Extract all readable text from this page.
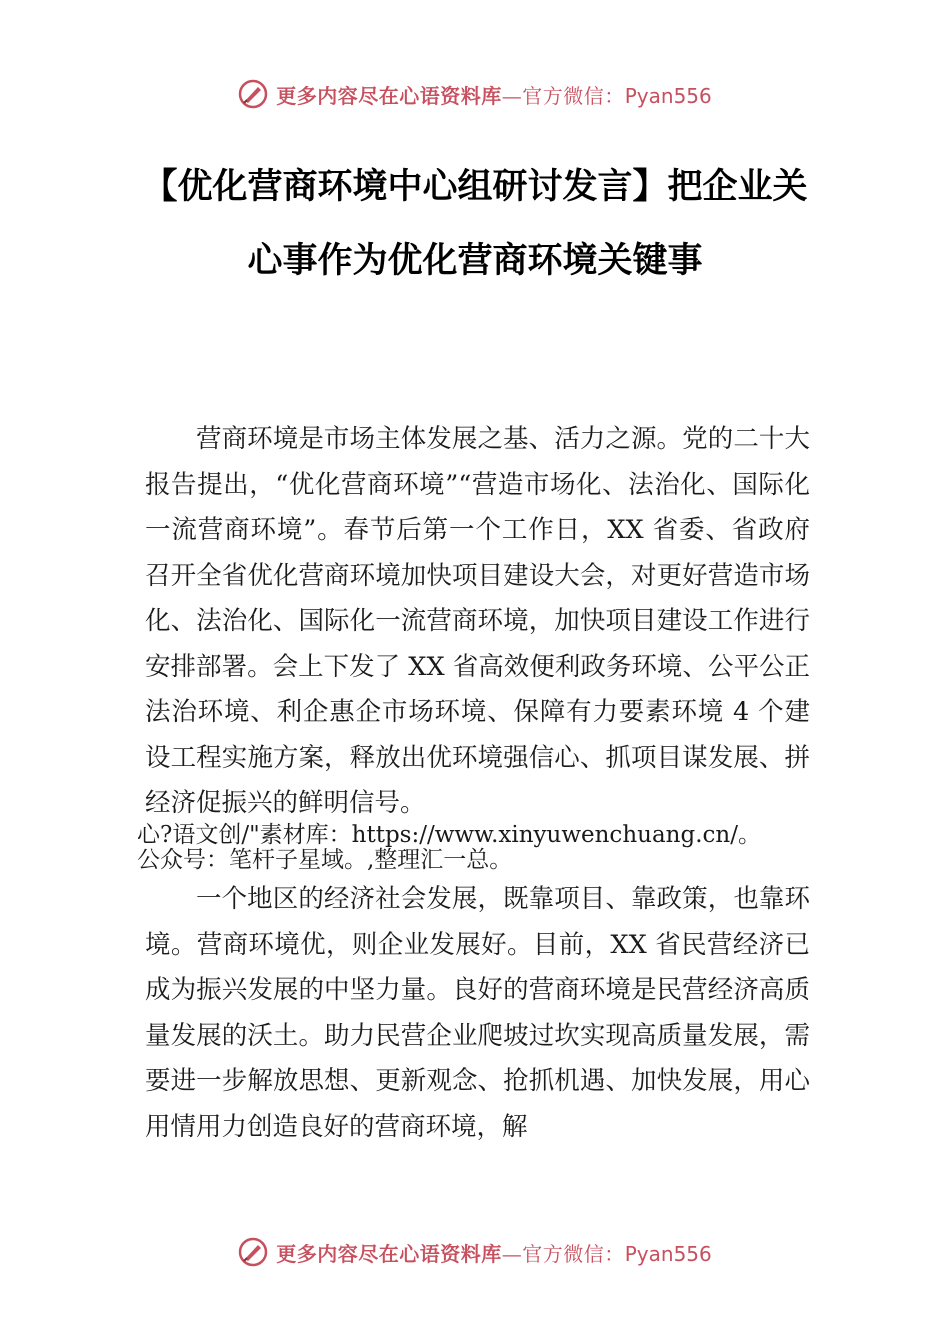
更多内容尽在心语资料库—官方微信：Pyan556
【优化营商环境中心组研讨发言】把企业关
心事作为优化营商环境关键事

营商环境是市场主体发展之基、活力之源。党的二十大报告提出，“优化营商环境”“营造市场化、法治化、国际化一流营商环境”。春节后第一个工作日，XX 省委、省政府召开全省优化营商环境加快项目建设大会，对更好营造市场化、法治化、国际化一流营商环境，加快项目建设工作进行安排部署。会上下发了 XX 省高效便利政务环境、公平公正法治环境、利企惠企市场环境、保障有力要素环境 4 个建设工程实施方案，释放出优环境强信心、抓项目谋发展、拼经济促振兴的鲜明信号。

心?语文创/"素材库：https://www.xinyuwenchuang.cn/。
公众号：笔杆子星域。,整理汇一总。

一个地区的经济社会发展，既靠项目、靠政策，也靠环境。营商环境优，则企业发展好。目前，XX 省民营经济已成为振兴发展的中坚力量。良好的营商环境是民营经济高质量发展的沃土。助力民营企业爬坡过坎实现高质量发展，需要进一步解放思想、更新观念、抢抓机遇、加快发展，用心用情用力创造良好的营商环境，解

更多内容尽在心语资料库—官方微信：Pyan556
